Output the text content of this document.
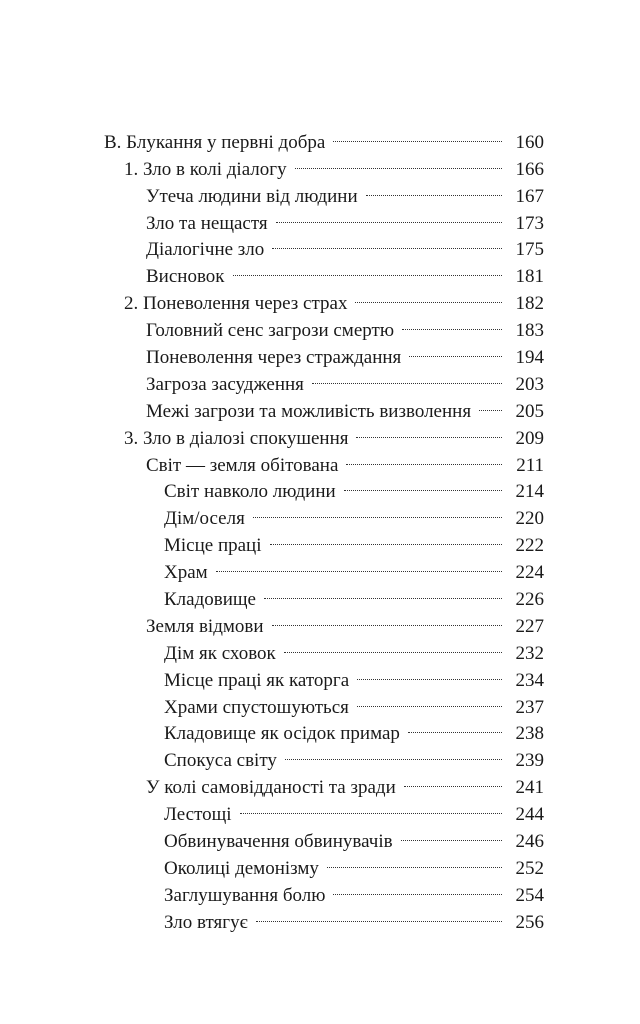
В. Блукання у первні добра	160
1. Зло в колі діалогу	166
Утеча людини від людини	167
Зло та нещастя	173
Діалогічне зло	175
Висновок	181
2. Поневолення через страх	182
Головний сенс загрози смертю	183
Поневолення через страждання	194
Загроза засудження	203
Межі загрози та можливість визволення	205
3. Зло в діалозі спокушення	209
Світ — земля обітована	211
Світ навколо людини	214
Дім/оселя	220
Місце праці	222
Храм	224
Кладовище	226
Земля відмови	227
Дім як сховок	232
Місце праці як каторга	234
Храми спустошуються	237
Кладовище як осідок примар	238
Спокуса світу	239
У колі самовідданості та зради	241
Лестощі	244
Обвинувачення обвинувачів	246
Околиці демонізму	252
Заглушування болю	254
Зло втягує	256
